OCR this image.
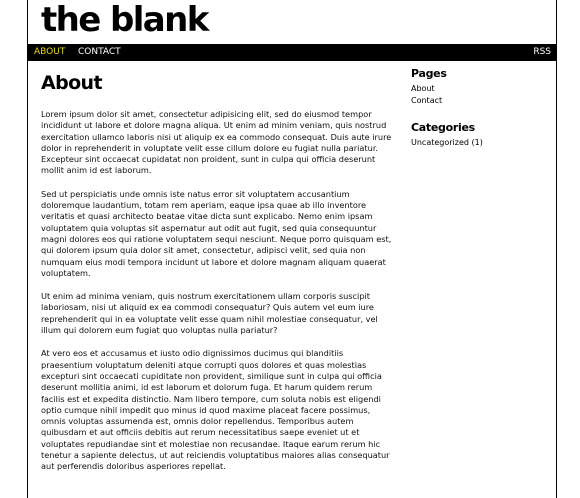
the blank
ABOUT CONTACT	RSS
About

Lorem ipsum dolor sit amet, consectetur adipisicing elit, sed do eiusmod tempor incididunt ut labore et dolore magna aliqua. Ut enim ad minim veniam, quis nostrud exercitation ullamco laboris nisi ut aliquip ex ea commodo consequat. Duis aute irure dolor in reprehenderit in voluptate velit esse cillum dolore eu fugiat nulla pariatur. Excepteur sint occaecat cupidatat non proident, sunt in culpa qui officia deserunt mollit anim id est laborum.

Sed ut perspiciatis unde omnis iste natus error sit voluptatem accusantium doloremque laudantium, totam rem aperiam, eaque ipsa quae ab illo inventore veritatis et quasi architecto beatae vitae dicta sunt explicabo. Nemo enim ipsam voluptatem quia voluptas sit aspernatur aut odit aut fugit, sed quia consequuntur magni dolores eos qui ratione voluptatem sequi nesciunt. Neque porro quisquam est, qui dolorem ipsum quia dolor sit amet, consectetur, adipisci velit, sed quia non numquam eius modi tempora incidunt ut labore et dolore magnam aliquam quaerat voluptatem.

Ut enim ad minima veniam, quis nostrum exercitationem ullam corporis suscipit laboriosam, nisi ut aliquid ex ea commodi consequatur? Quis autem vel eum iure reprehenderit qui in ea voluptate velit esse quam nihil molestiae consequatur, vel illum qui dolorem eum fugiat quo voluptas nulla pariatur?

At vero eos et accusamus et iusto odio dignissimos ducimus qui blanditiis praesentium voluptatum deleniti atque corrupti quos dolores et quas molestias excepturi sint occaecati cupiditate non provident, similique sunt in culpa qui officia deserunt mollitia animi, id est laborum et dolorum fuga. Et harum quidem rerum facilis est et expedita distinctio. Nam libero tempore, cum soluta nobis est eligendi optio cumque nihil impedit quo minus id quod maxime placeat facere possimus, omnis voluptas assumenda est, omnis dolor repellendus. Temporibus autem quibusdam et aut officiis debitis aut rerum necessitatibus saepe eveniet ut et voluptates repudiandae sint et molestiae non recusandae. Itaque earum rerum hic tenetur a sapiente delectus, ut aut reiciendis voluptatibus maiores alias consequatur aut perferendis doloribus asperiores repellat.

Pages
About
Contact
Categories
Uncategorized (1)
